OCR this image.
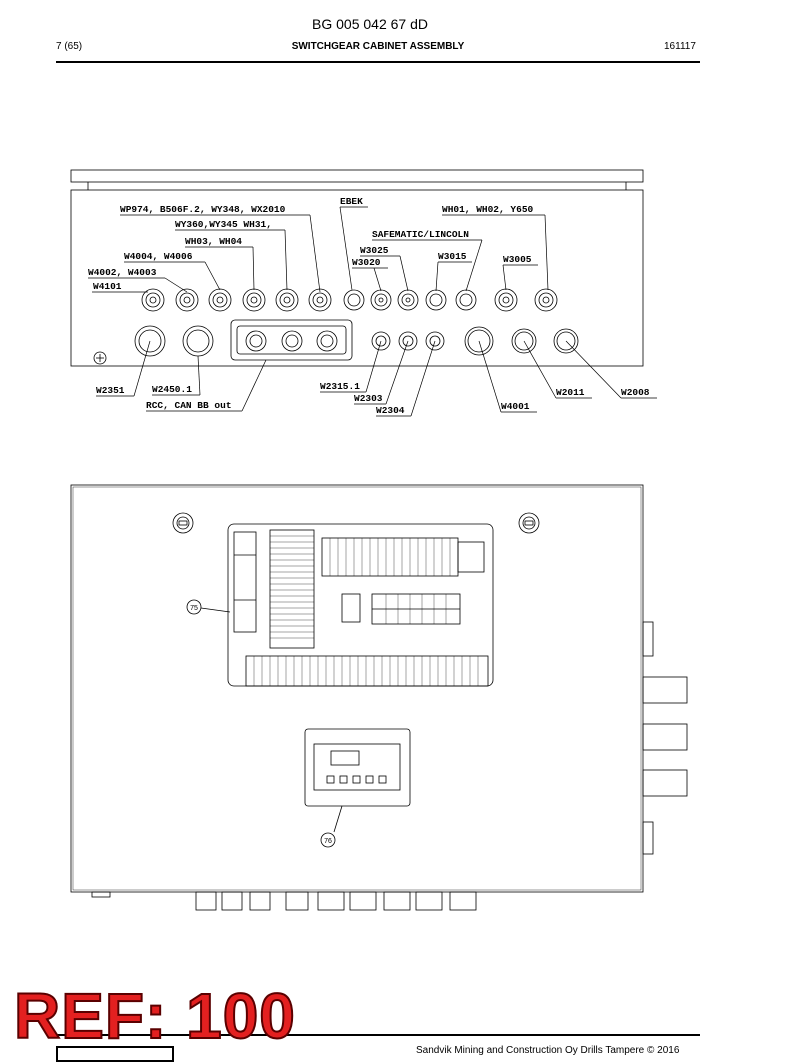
BG 005 042 67 dD
7 (65)	SWITCHGEAR CABINET ASSEMBLY	161117
WP974, B506F.2, WY348, WX2010
EBEK
WH01, WH02, Y650
WY360,WY345 WH31,
SAFEMATIC/LINCOLN
WH03, WH04
W3025
W4004, W4006	W3015
W3020	W3005
W4002, W4003
W4101
W2351	W2450.1	W2315.1
RCC, CAN BB out
W2303
W2304	W4001
W2011	W2008
75
76
Sandvik Mining and Construction Oy Drills Tampere © 2016
REF: 100
